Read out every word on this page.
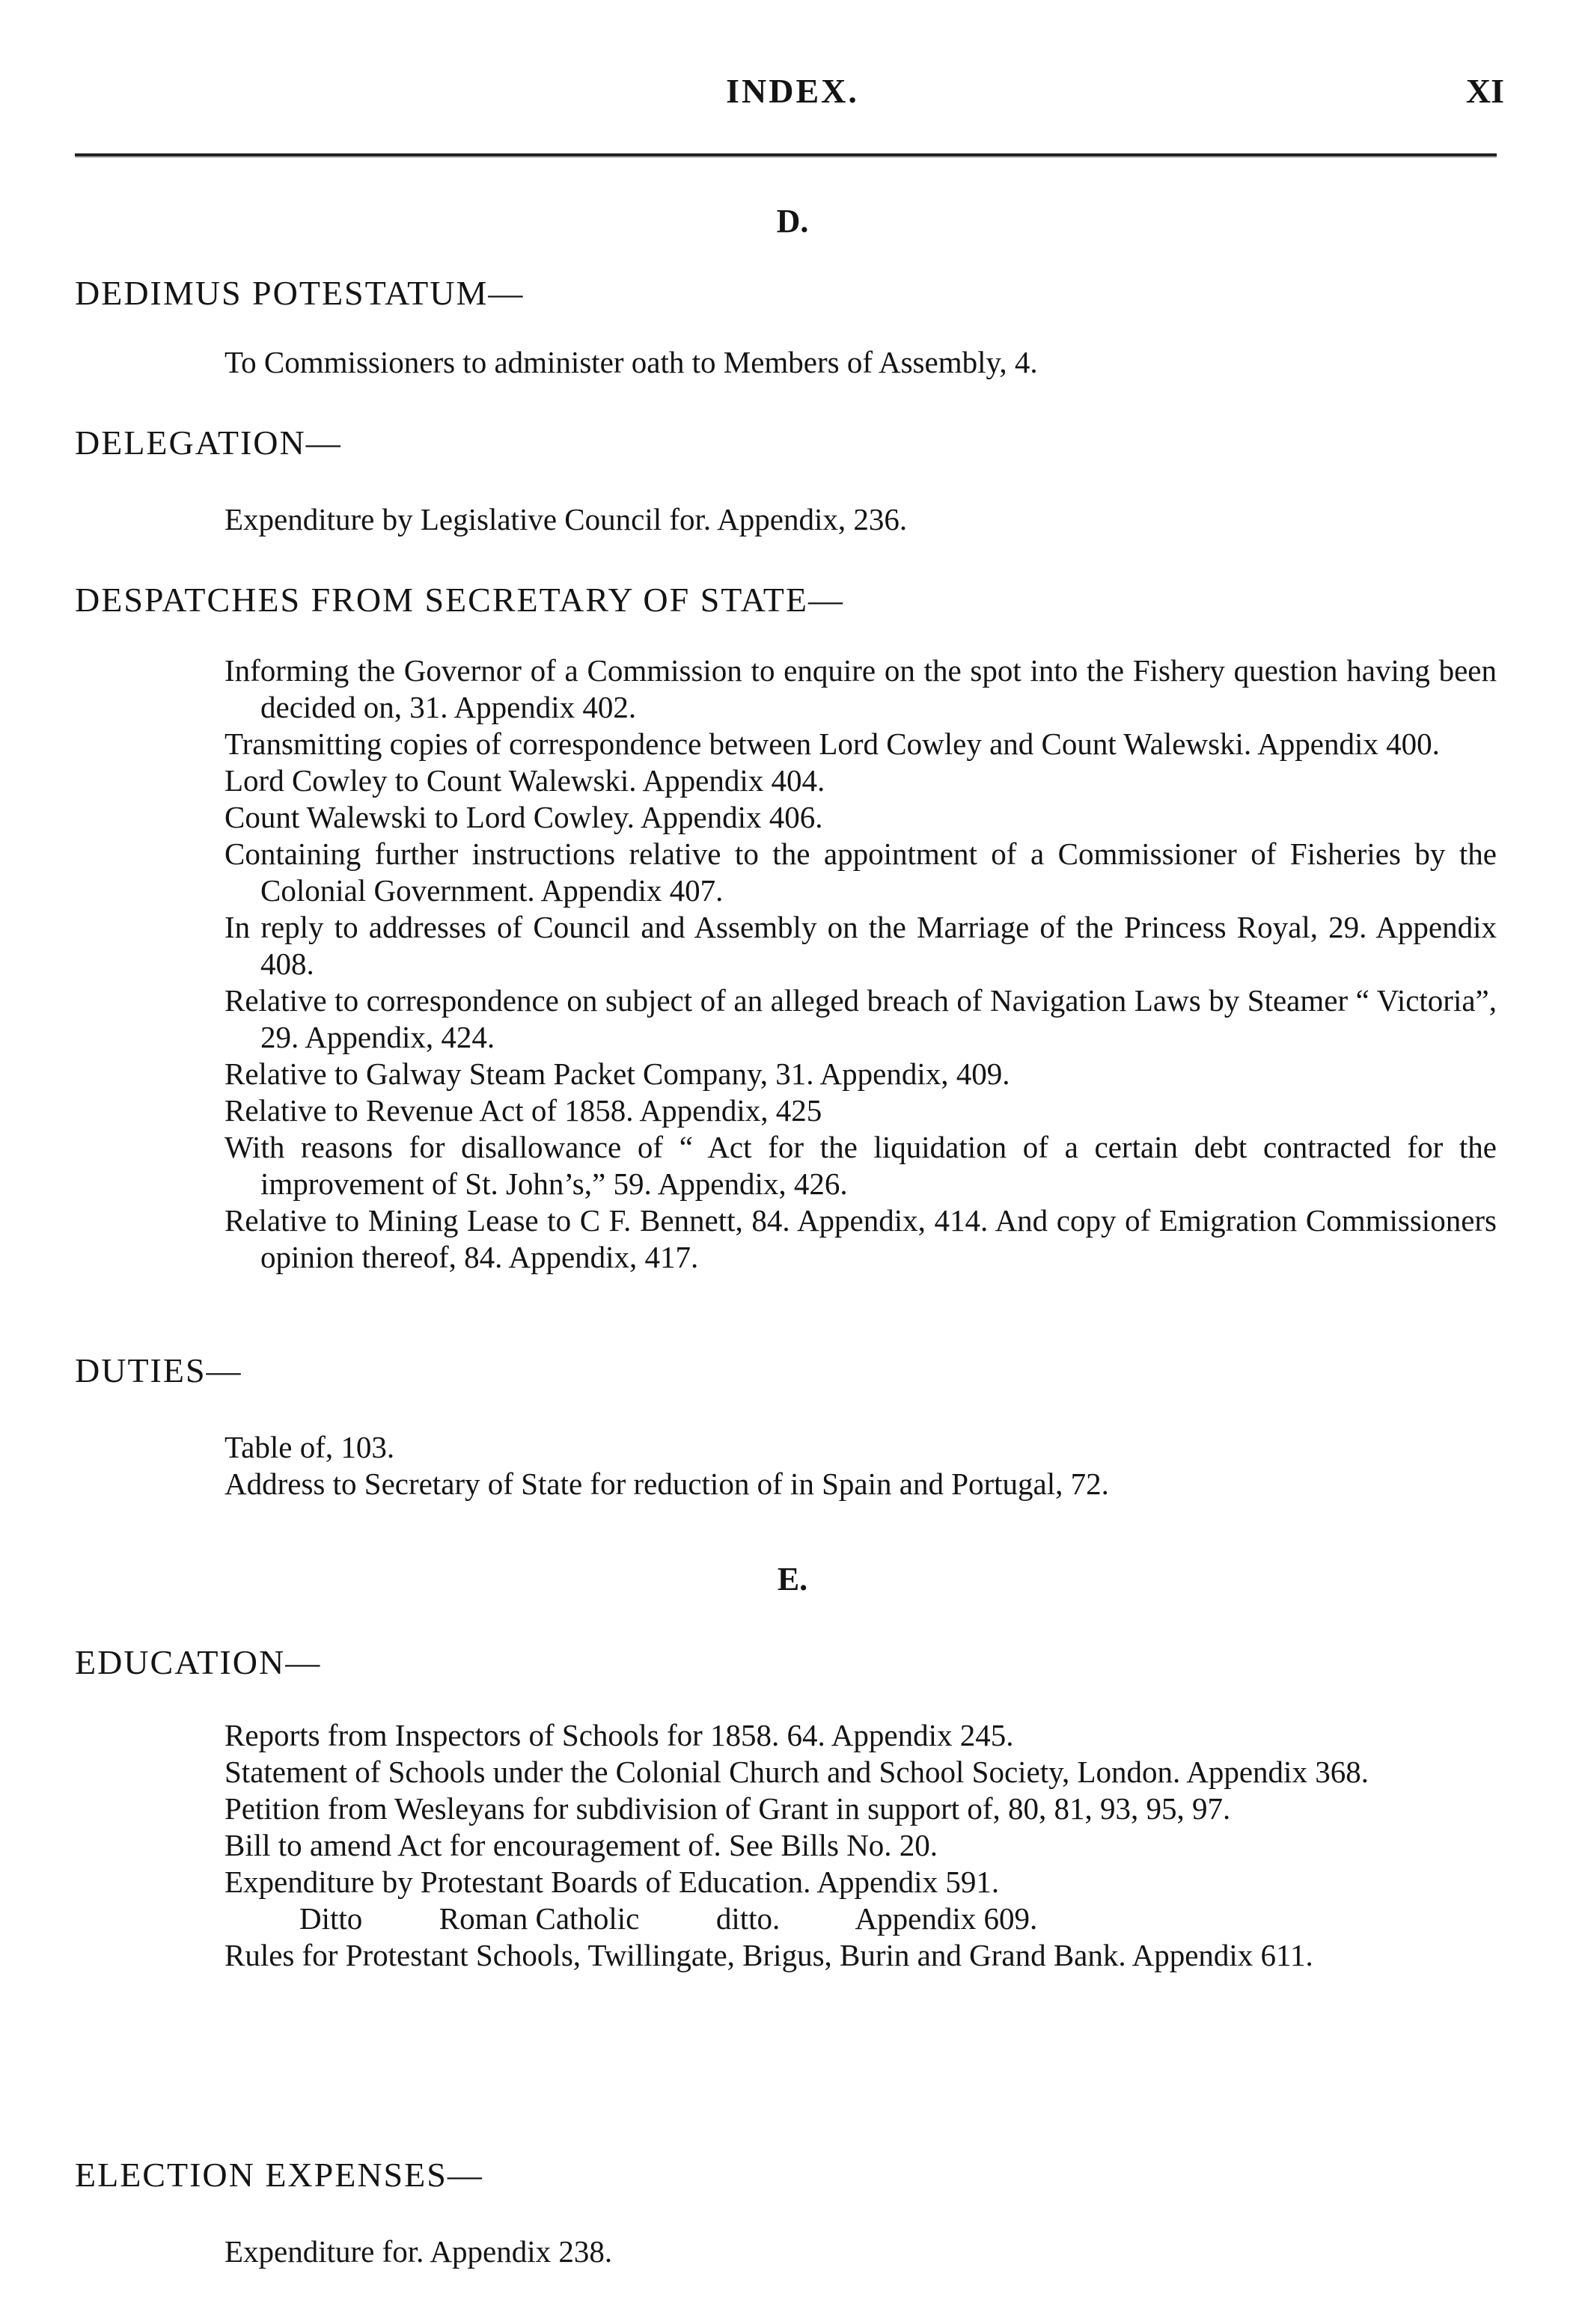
INDEX.	XI
D.
DEDIMUS POTESTATUM—
To Commissioners to administer oath to Members of Assembly, 4.
DELEGATION—
Expenditure by Legislative Council for. Appendix, 236.
DESPATCHES FROM SECRETARY OF STATE—
Informing the Governor of a Commission to enquire on the spot into the Fishery question having been decided on, 31. Appendix 402.
Transmitting copies of correspondence between Lord Cowley and Count Walewski. Appendix 400.
Lord Cowley to Count Walewski. Appendix 404.
Count Walewski to Lord Cowley. Appendix 406.
Containing further instructions relative to the appointment of a Commissioner of Fisheries by the Colonial Government. Appendix 407.
In reply to addresses of Council and Assembly on the Marriage of the Princess Royal, 29. Appendix 408.
Relative to correspondence on subject of an alleged breach of Navigation Laws by Steamer “ Victoria”, 29. Appendix, 424.
Relative to Galway Steam Packet Company, 31. Appendix, 409.
Relative to Revenue Act of 1858. Appendix, 425
With reasons for disallowance of “ Act for the liquidation of a certain debt contracted for the improvement of St. John’s,” 59. Appendix, 426.
Relative to Mining Lease to C F. Bennett, 84. Appendix, 414. And copy of Emigration Commissioners opinion thereof, 84. Appendix, 417.
DUTIES—
Table of, 103.
Address to Secretary of State for reduction of in Spain and Portugal, 72.
E.
EDUCATION—
Reports from Inspectors of Schools for 1858. 64. Appendix 245.
Statement of Schools under the Colonial Church and School Society, London. Appendix 368.
Petition from Wesleyans for subdivision of Grant in support of, 80, 81, 93, 95, 97.
Bill to amend Act for encouragement of. See Bills No. 20.
Expenditure by Protestant Boards of Education. Appendix 591.
Ditto          Roman Catholic          ditto.          Appendix 609.
Rules for Protestant Schools, Twillingate, Brigus, Burin and Grand Bank. Appendix 611.
ELECTION EXPENSES—
Expenditure for. Appendix 238.
